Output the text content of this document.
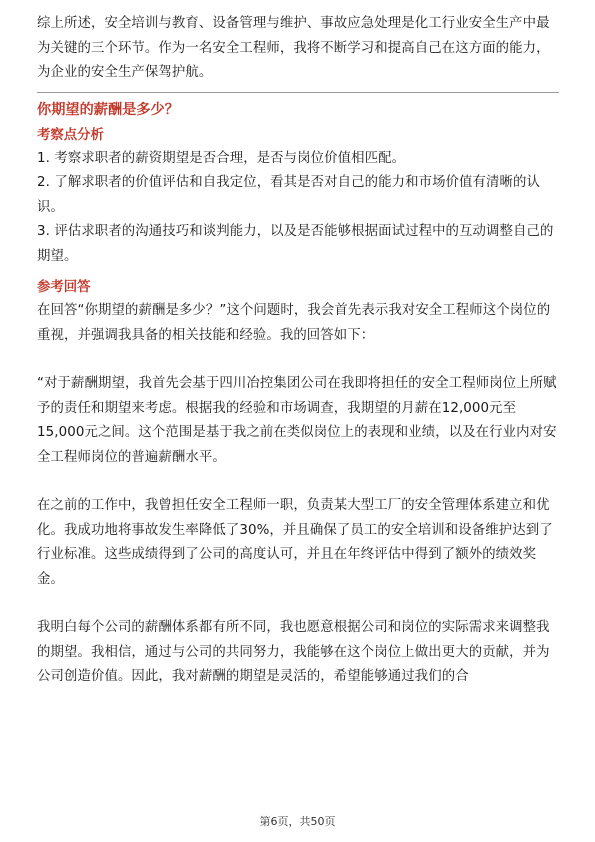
综上所述，安全培训与教育、设备管理与维护、事故应急处理是化工行业安全生产中最为关键的三个环节。作为一名安全工程师，我将不断学习和提高自己在这方面的能力，为企业的安全生产保驾护航。

你期望的薪酬是多少？
考察点分析

1. 考察求职者的薪资期望是否合理，是否与岗位价值相匹配。

2. 了解求职者的价值评估和自我定位，看其是否对自己的能力和市场价值有清晰的认识。

3. 评估求职者的沟通技巧和谈判能力，以及是否能够根据面试过程中的互动调整自己的期望。

参考回答

在回答“你期望的薪酬是多少？”这个问题时，我会首先表示我对安全工程师这个岗位的重视，并强调我具备的相关技能和经验。我的回答如下：

“对于薪酬期望，我首先会基于四川冶控集团公司在我即将担任的安全工程师岗位上所赋予的责任和期望来考虑。根据我的经验和市场调查，我期望的月薪在12,000元至15,000元之间。这个范围是基于我之前在类似岗位上的表现和业绩，以及在行业内对安全工程师岗位的普遍薪酬水平。

在之前的工作中，我曾担任安全工程师一职，负责某大型工厂的安全管理体系建立和优化。我成功地将事故发生率降低了30%，并且确保了员工的安全培训和设备维护达到了行业标准。这些成绩得到了公司的高度认可，并且在年终评估中得到了额外的绩效奖金。

我明白每个公司的薪酬体系都有所不同，我也愿意根据公司和岗位的实际需求来调整我的期望。我相信，通过与公司的共同努力，我能够在这个岗位上做出更大的贡献，并为公司创造价值。因此，我对薪酬的期望是灵活的，希望能够通过我们的合

第6页，共50页
